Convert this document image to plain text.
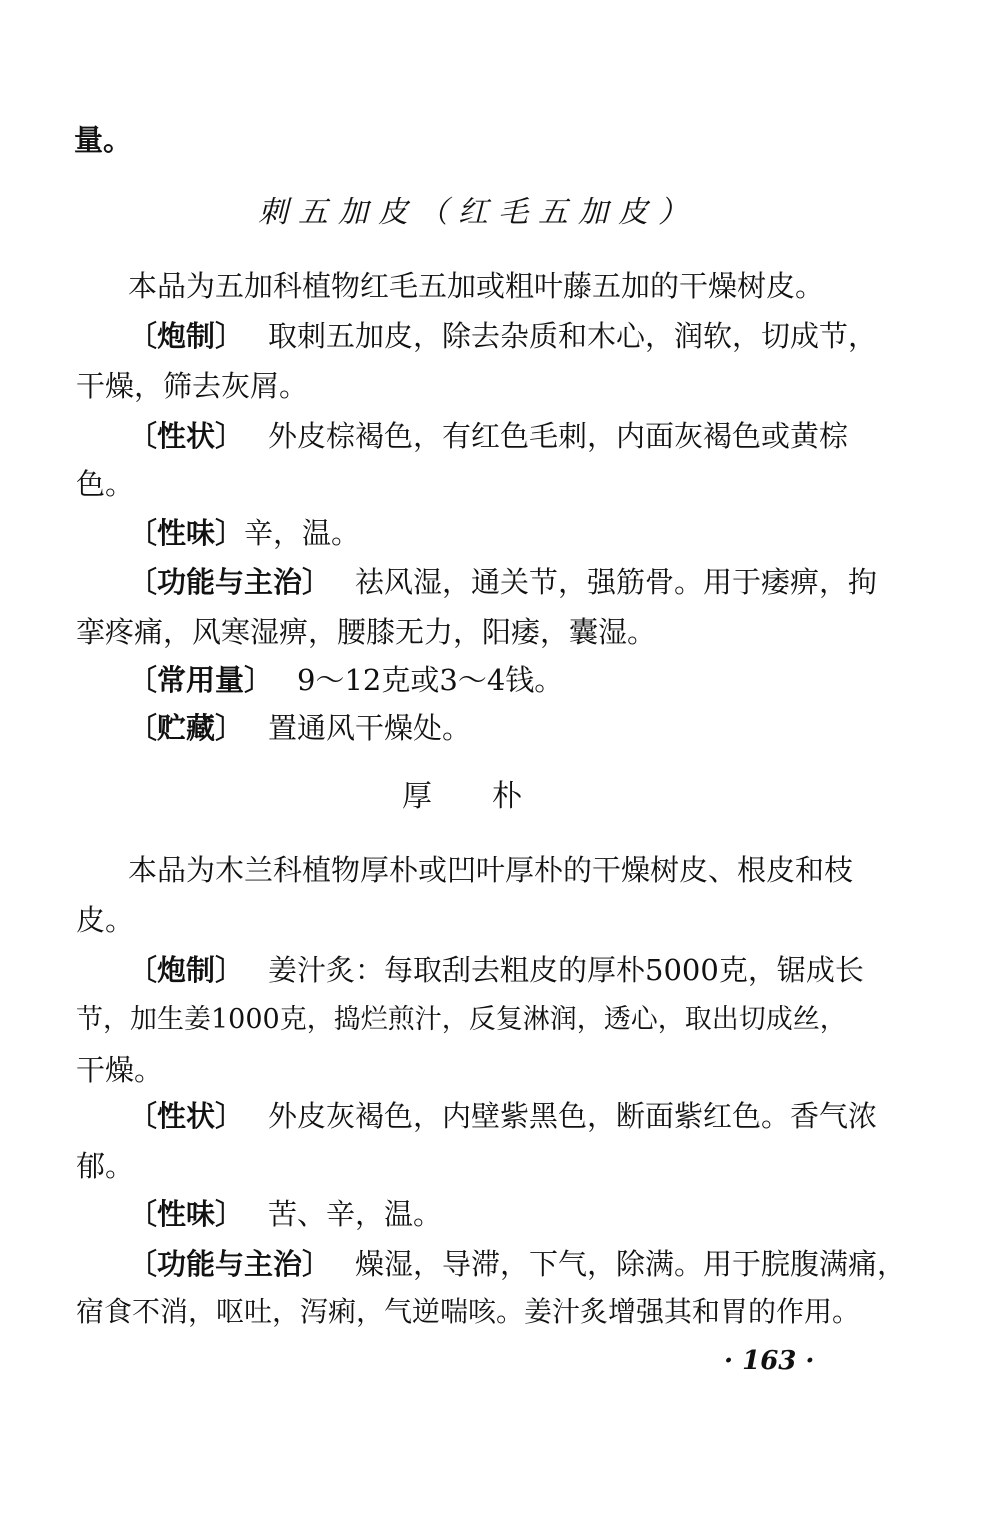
量。
刺五加皮（红毛五加皮）
本品为五加科植物红毛五加或粗叶藤五加的干燥树皮。
〔炮制〕 取刺五加皮，除去杂质和木心，润软，切成节，
干燥，筛去灰屑。
〔性状〕 外皮棕褐色，有红色毛刺，内面灰褐色或黄棕
色。
〔性味〕辛，温。
〔功能与主治〕 祛风湿，通关节，强筋骨。用于痿痹，拘
挛疼痛，风寒湿痹，腰膝无力，阳痿，囊湿。
〔常用量〕 9～12克或3～4钱。
〔贮藏〕 置通风干燥处。
厚朴
本品为木兰科植物厚朴或凹叶厚朴的干燥树皮、根皮和枝
皮。
〔炮制〕 姜汁炙：每取刮去粗皮的厚朴5000克，锯成长
节，加生姜1000克，捣烂煎汁，反复淋润，透心，取出切成丝，
干燥。
〔性状〕 外皮灰褐色，内壁紫黑色，断面紫红色。香气浓
郁。
〔性味〕 苦、辛，温。
〔功能与主治〕 燥湿，导滞，下气，除满。用于脘腹满痛，
宿食不消，呕吐，泻痢，气逆喘咳。姜汁炙增强其和胃的作用。
· 163 ·
